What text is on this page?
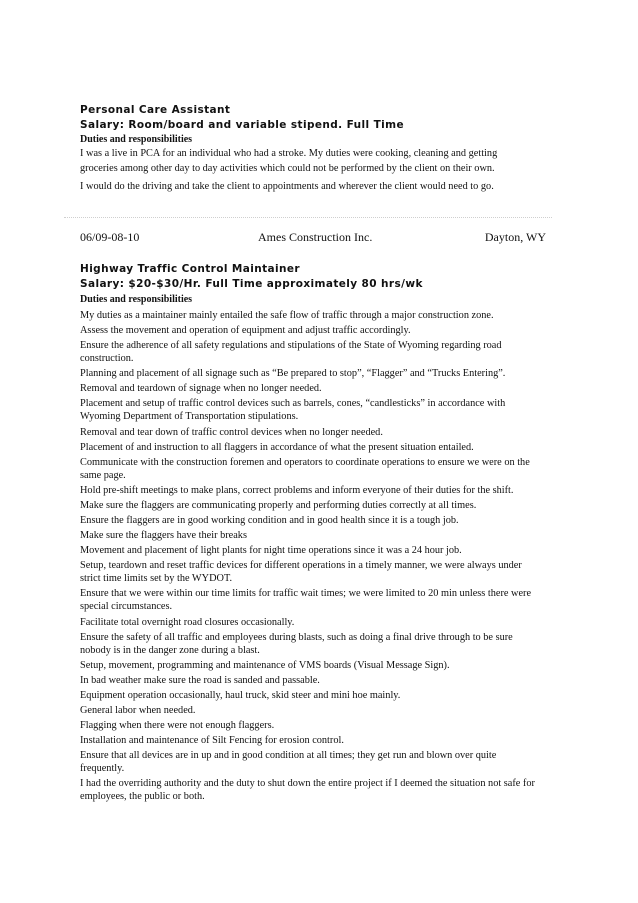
Personal Care Assistant

Salary: Room/board and variable stipend. Full Time

Duties and responsibilities

I was a live in PCA for an individual who had a stroke. My duties were cooking, cleaning and getting

groceries among other day to day activities which could not be performed by the client on their own.

I would do the driving and take the client to appointments and wherever the client would need to go.

06/09-08-10	Ames Construction Inc.	Dayton, WY

Highway Traffic Control Maintainer

Salary: $20-$30/Hr. Full Time approximately 80 hrs/wk

Duties and responsibilities

My duties as a maintainer mainly entailed the safe flow of traffic through a major construction zone.

Assess the movement and operation of equipment and adjust traffic accordingly.

Ensure the adherence of all safety regulations and stipulations of the State of Wyoming regarding road

construction.

Planning and placement of all signage such as “Be prepared to stop”, “Flagger” and “Trucks Entering”.

Removal and teardown of signage when no longer needed.

Placement and setup of traffic control devices such as barrels, cones, “candlesticks” in accordance with

Wyoming Department of Transportation stipulations.

Removal and tear down of traffic control devices when no longer needed.

Placement of and instruction to all flaggers in accordance of what the present situation entailed.

Communicate with the construction foremen and operators to coordinate operations to ensure we were on the

same page.

Hold pre-shift meetings to make plans, correct problems and inform everyone of their duties for the shift.

Make sure the flaggers are communicating properly and performing duties correctly at all times.

Ensure the flaggers are in good working condition and in good health since it is a tough job.

Make sure the flaggers have their breaks

Movement and placement of light plants for night time operations since it was a 24 hour job.

Setup, teardown and reset traffic devices for different operations in a timely manner, we were always under

strict time limits set by the WYDOT.

Ensure that we were within our time limits for traffic wait times; we were limited to 20 min unless there were

special circumstances.

Facilitate total overnight road closures occasionally.

Ensure the safety of all traffic and employees during blasts, such as doing a final drive through to be sure

nobody is in the danger zone during a blast.

Setup, movement, programming and maintenance of VMS boards (Visual Message Sign).

In bad weather make sure the road is sanded and passable.

Equipment operation occasionally, haul truck, skid steer and mini hoe mainly.

General labor when needed.

Flagging when there were not enough flaggers.

Installation and maintenance of Silt Fencing for erosion control.

Ensure that all devices are in up and in good condition at all times; they get run and blown over quite

frequently.

I had the overriding authority and the duty to shut down the entire project if I deemed the situation not safe for

employees, the public or both.
